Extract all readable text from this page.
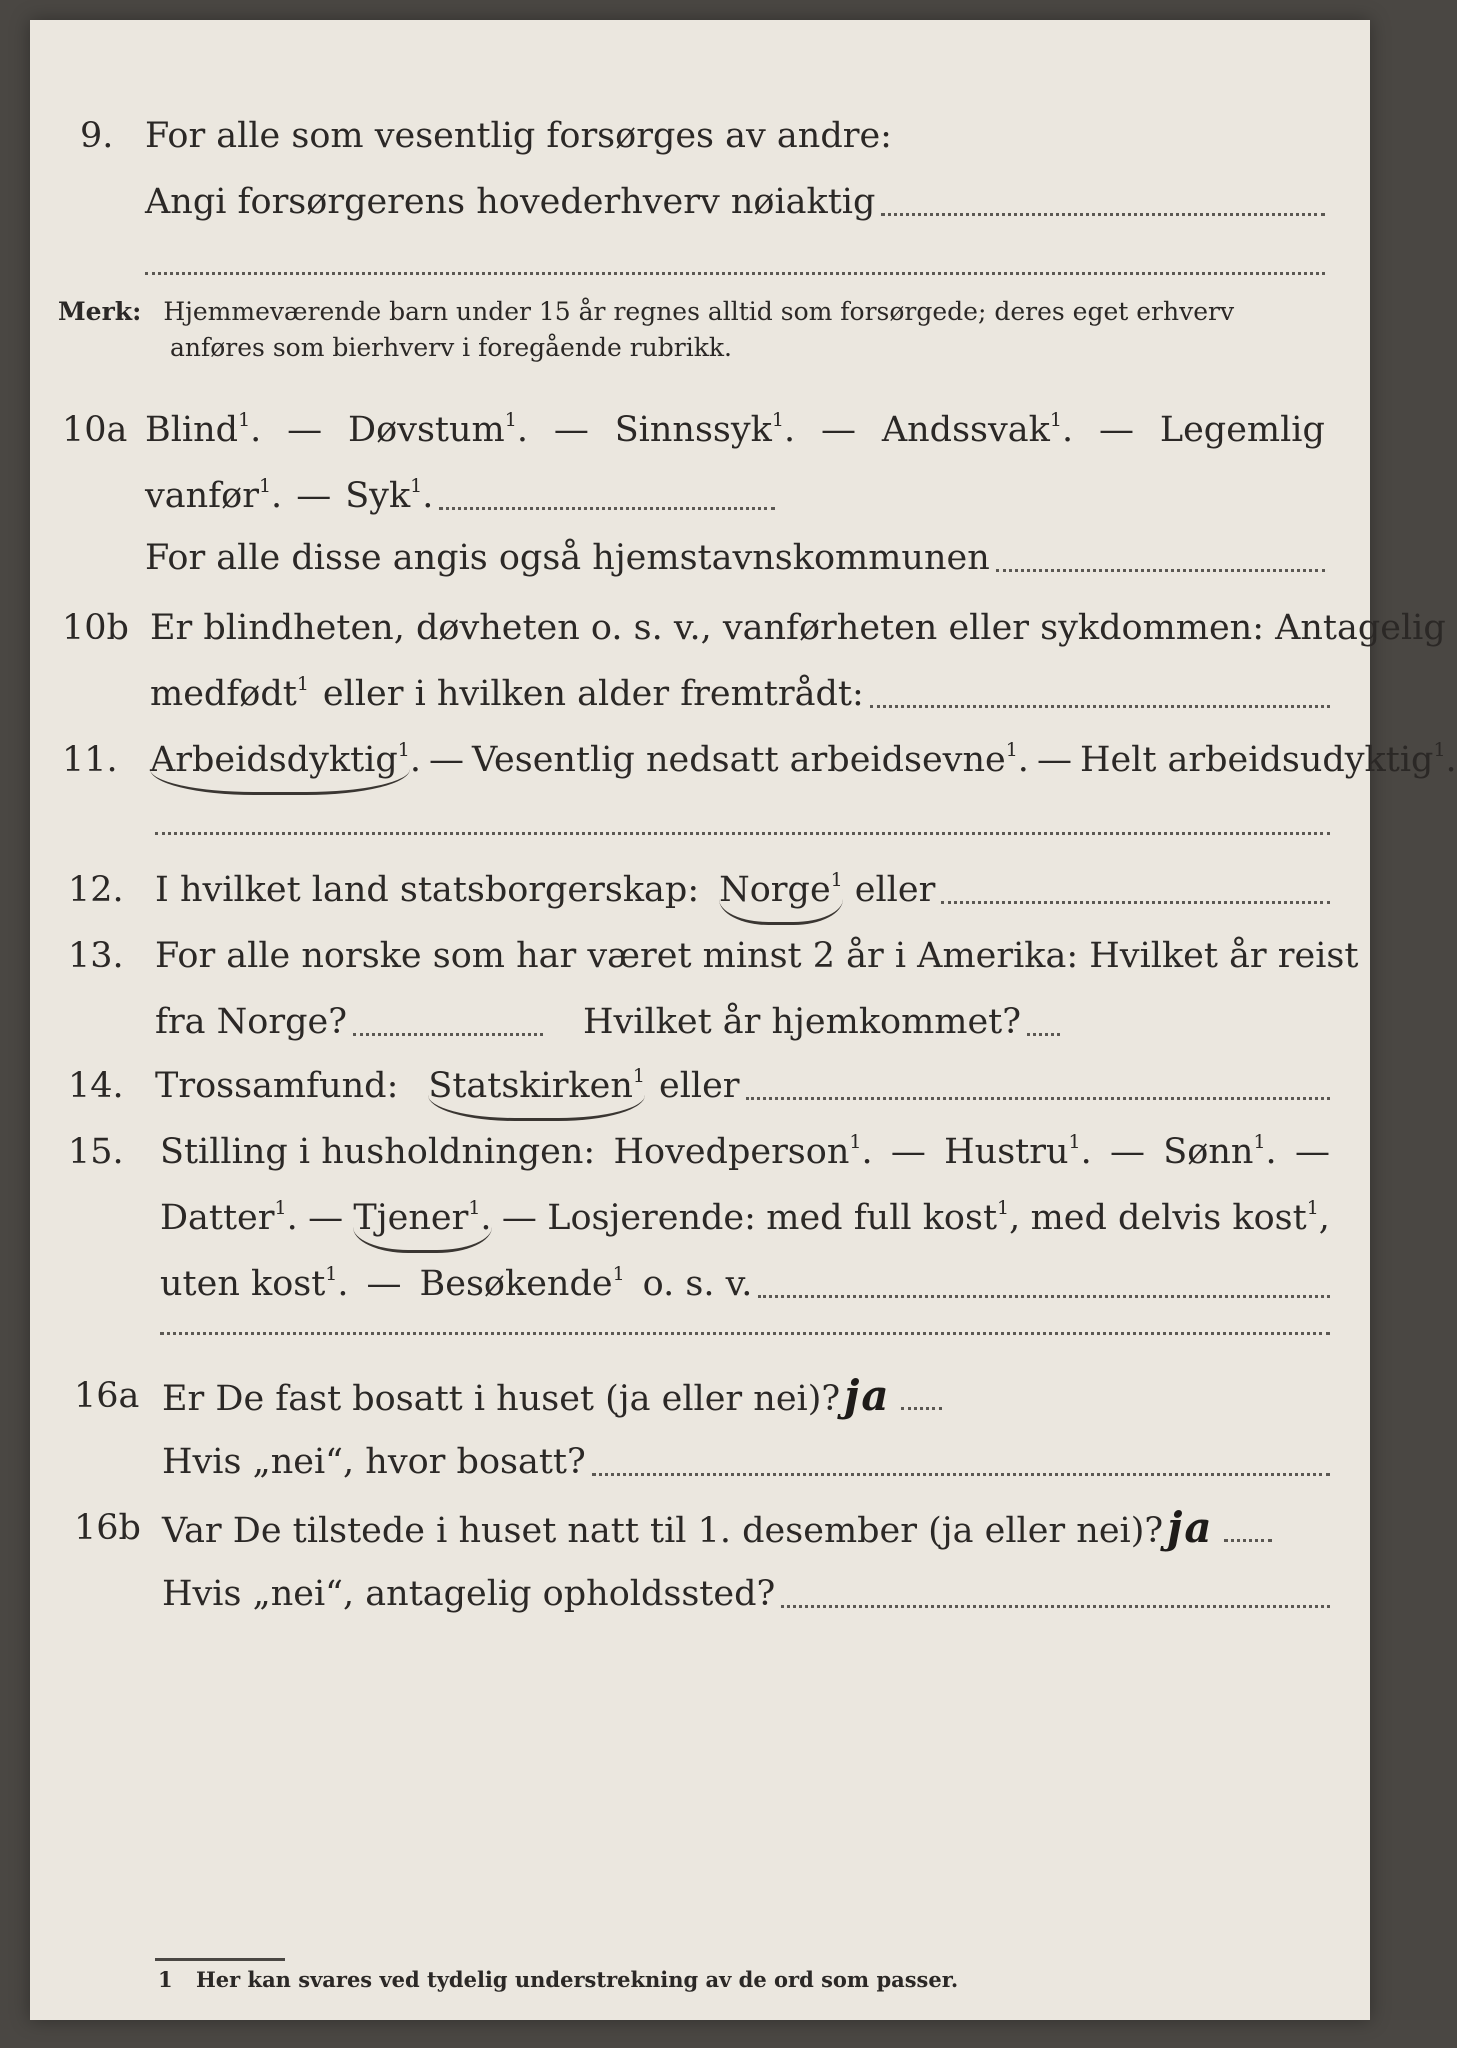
9. For alle som vesentlig forsørges av andre:
Angi forsørgerens hovederhverv nøiaktig
Merk: Hjemmeværende barn under 15 år regnes alltid som forsørgede; deres eget erhverv
anføres som bierhverv i foregående rubrikk.
10a Blind$^1$. — Døvstum$^1$. — Sinnssyk$^1$. — Andssvak$^1$. — Legemlig
vanfør$^1$. — Syk$^1$.
For alle disse angis også hjemstavnskommunen
10b Er blindheten, døvheten o. s. v., vanførheten eller sykdommen: Antagelig
medfødt$^1$ eller i hvilken alder fremtrådt:
11. Arbeidsdyktig$^1$ . — Vesentlig nedsatt arbeidsevne$^1$. — Helt arbeidsudyktig$^1$.
12. I hvilket land statsborgerskap: Norge$^1$ eller
13. For alle norske som har været minst 2 år i Amerika: Hvilket år reist
fra Norge?	Hvilket år hjemkommet?
14. Trossamfund: Statskirken$^1$ eller
15. Stilling i husholdningen: Hovedperson$^1$. — Hustru$^1$. — Sønn$^1$. —
Datter$^1$. — Tjener$^1$. — Losjerende: med full kost$^1$, med delvis kost$^1$,
uten kost$^1$. — Besøkende$^1$ o. s. v.
16a Er De fast bosatt i huset (ja eller nei)? ja
Hvis „nei“, hvor bosatt?
16b Var De tilstede i huset natt til 1. desember (ja eller nei)? ja
Hvis „nei“, antagelig opholdssted?
1 Her kan svares ved tydelig understrekning av de ord som passer.
